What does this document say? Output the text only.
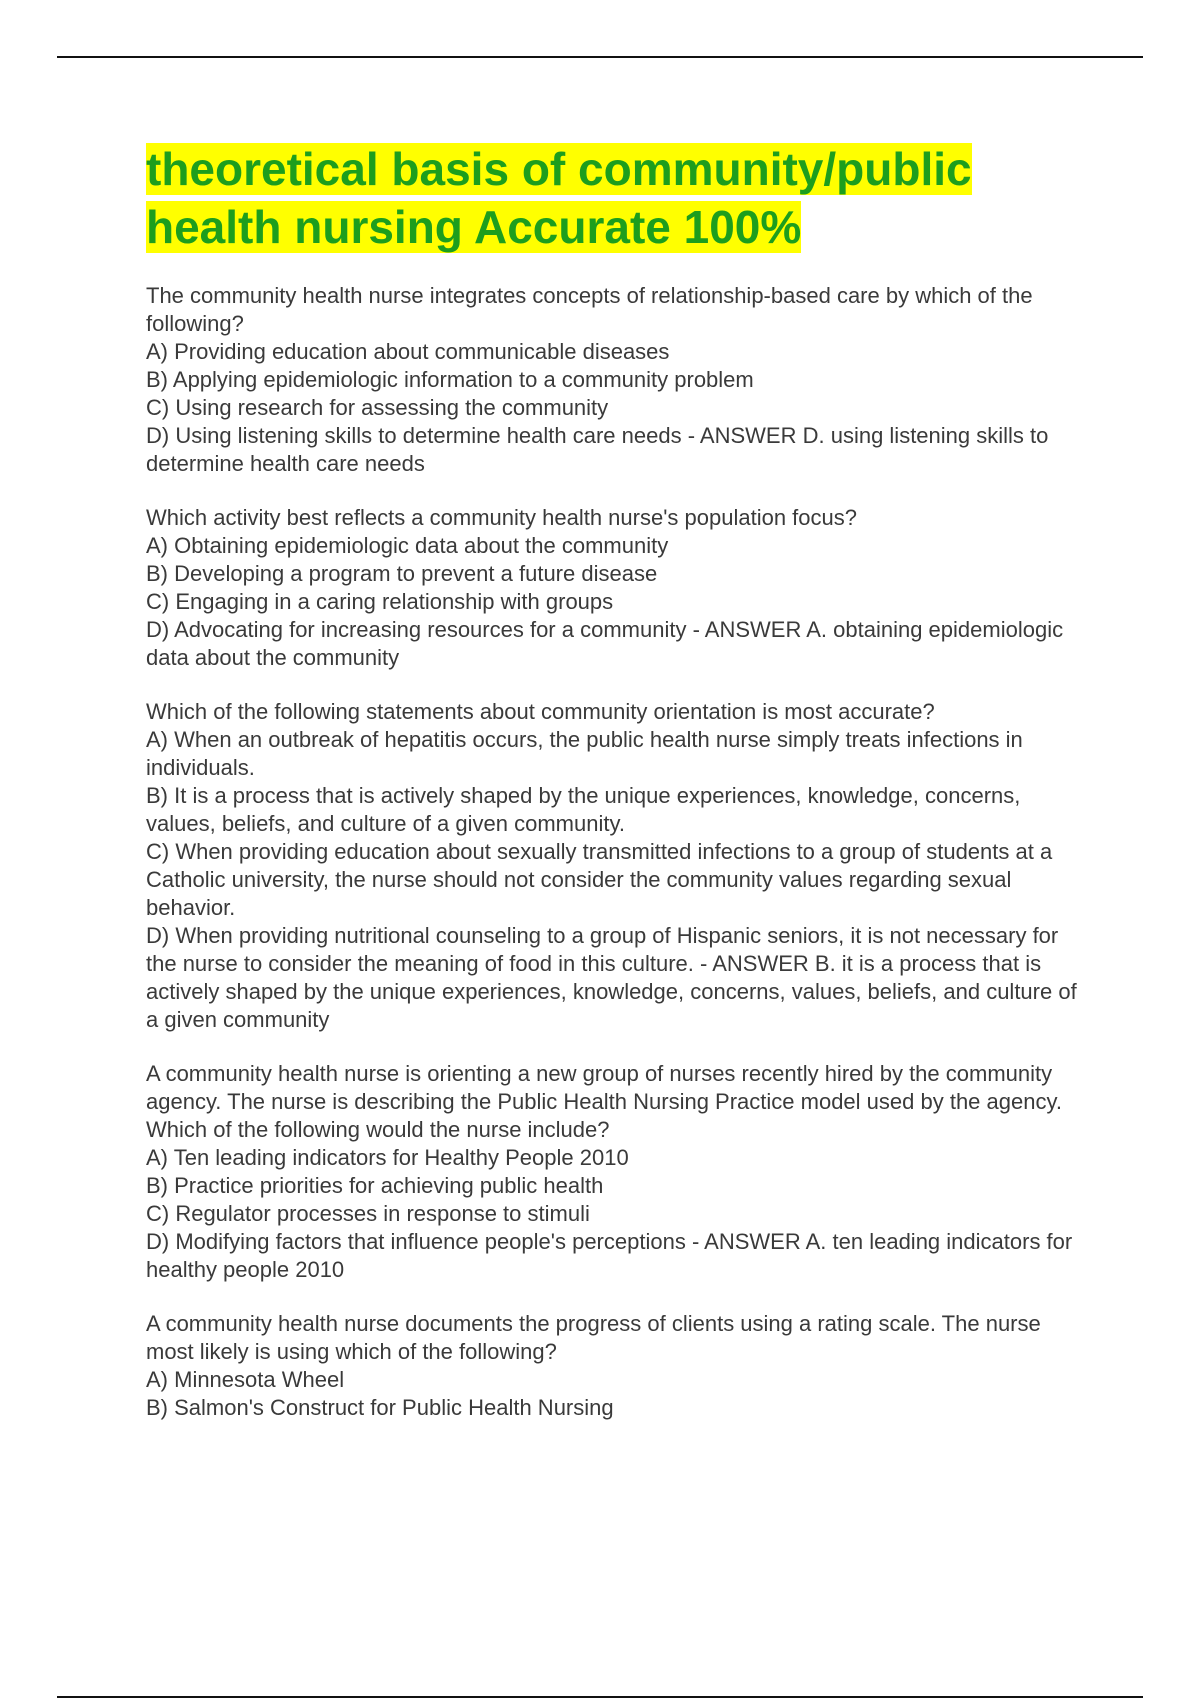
theoretical basis of community/public health nursing Accurate 100%

The community health nurse integrates concepts of relationship-based care by which of the following?

A) Providing education about communicable diseases

B) Applying epidemiologic information to a community problem

C) Using research for assessing the community

D) Using listening skills to determine health care needs - ANSWER D. using listening skills to determine health care needs

Which activity best reflects a community health nurse's population focus?

A) Obtaining epidemiologic data about the community

B) Developing a program to prevent a future disease

C) Engaging in a caring relationship with groups

D) Advocating for increasing resources for a community - ANSWER A. obtaining epidemiologic data about the community

Which of the following statements about community orientation is most accurate?

A) When an outbreak of hepatitis occurs, the public health nurse simply treats infections in individuals.

B) It is a process that is actively shaped by the unique experiences, knowledge, concerns, values, beliefs, and culture of a given community.

C) When providing education about sexually transmitted infections to a group of students at a Catholic university, the nurse should not consider the community values regarding sexual behavior.

D) When providing nutritional counseling to a group of Hispanic seniors, it is not necessary for the nurse to consider the meaning of food in this culture. - ANSWER B. it is a process that is actively shaped by the unique experiences, knowledge, concerns, values, beliefs, and culture of a given community

A community health nurse is orienting a new group of nurses recently hired by the community agency. The nurse is describing the Public Health Nursing Practice model used by the agency. Which of the following would the nurse include?

A) Ten leading indicators for Healthy People 2010

B) Practice priorities for achieving public health

C) Regulator processes in response to stimuli

D) Modifying factors that influence people's perceptions - ANSWER A. ten leading indicators for healthy people 2010

A community health nurse documents the progress of clients using a rating scale. The nurse most likely is using which of the following?

A) Minnesota Wheel

B) Salmon's Construct for Public Health Nursing
